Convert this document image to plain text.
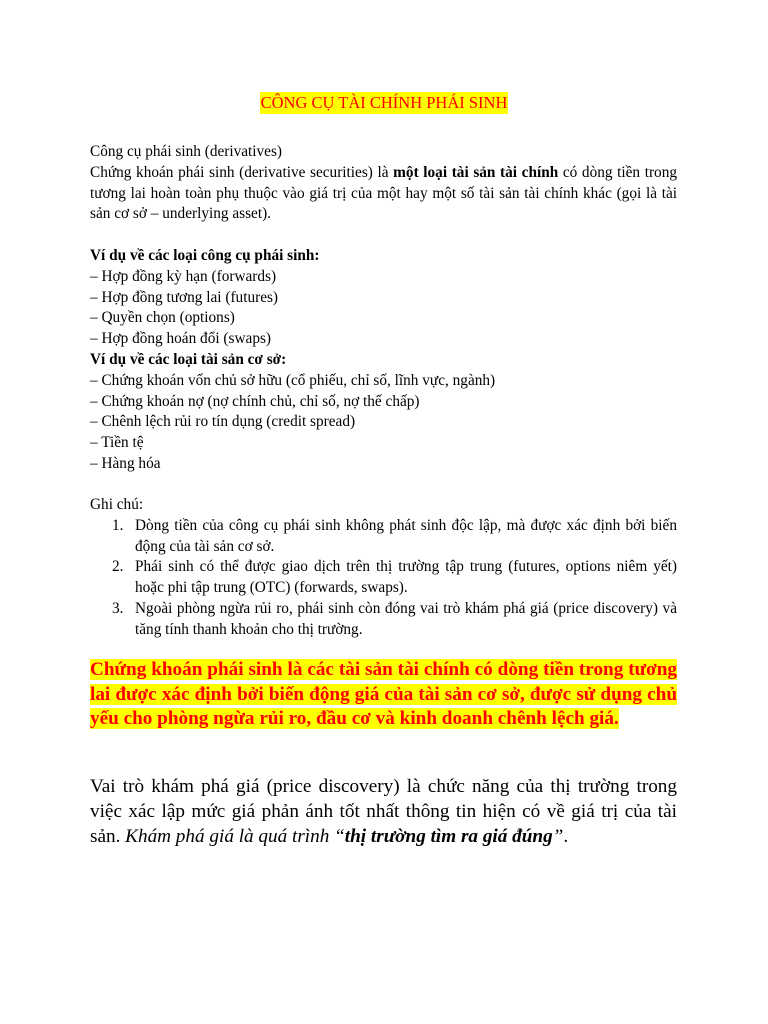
CÔNG CỤ TÀI CHÍNH PHÁI SINH
Công cụ phái sinh (derivatives)
Chứng khoán phái sinh (derivative securities) là một loại tài sản tài chính có dòng tiền trong tương lai hoàn toàn phụ thuộc vào giá trị của một hay một số tài sản tài chính khác (gọi là tài sản cơ sở – underlying asset).
Ví dụ về các loại công cụ phái sinh:
– Hợp đồng kỳ hạn (forwards)
– Hợp đồng tương lai (futures)
– Quyền chọn (options)
– Hợp đồng hoán đổi (swaps)
Ví dụ về các loại tài sản cơ sở:
– Chứng khoán vốn chủ sở hữu (cổ phiếu, chỉ số, lĩnh vực, ngành)
– Chứng khoán nợ (nợ chính chủ, chỉ số, nợ thế chấp)
– Chênh lệch rủi ro tín dụng (credit spread)
– Tiền tệ
– Hàng hóa
Ghi chú:
1. Dòng tiền của công cụ phái sinh không phát sinh độc lập, mà được xác định bởi biến động của tài sản cơ sở.
2. Phái sinh có thể được giao dịch trên thị trường tập trung (futures, options niêm yết) hoặc phi tập trung (OTC) (forwards, swaps).
3. Ngoài phòng ngừa rủi ro, phái sinh còn đóng vai trò khám phá giá (price discovery) và tăng tính thanh khoản cho thị trường.
Chứng khoán phái sinh là các tài sản tài chính có dòng tiền trong tương lai được xác định bởi biến động giá của tài sản cơ sở, được sử dụng chủ yếu cho phòng ngừa rủi ro, đầu cơ và kinh doanh chênh lệch giá.
Vai trò khám phá giá (price discovery) là chức năng của thị trường trong việc xác lập mức giá phản ánh tốt nhất thông tin hiện có về giá trị của tài sản. Khám phá giá là quá trình “thị trường tìm ra giá đúng”.
